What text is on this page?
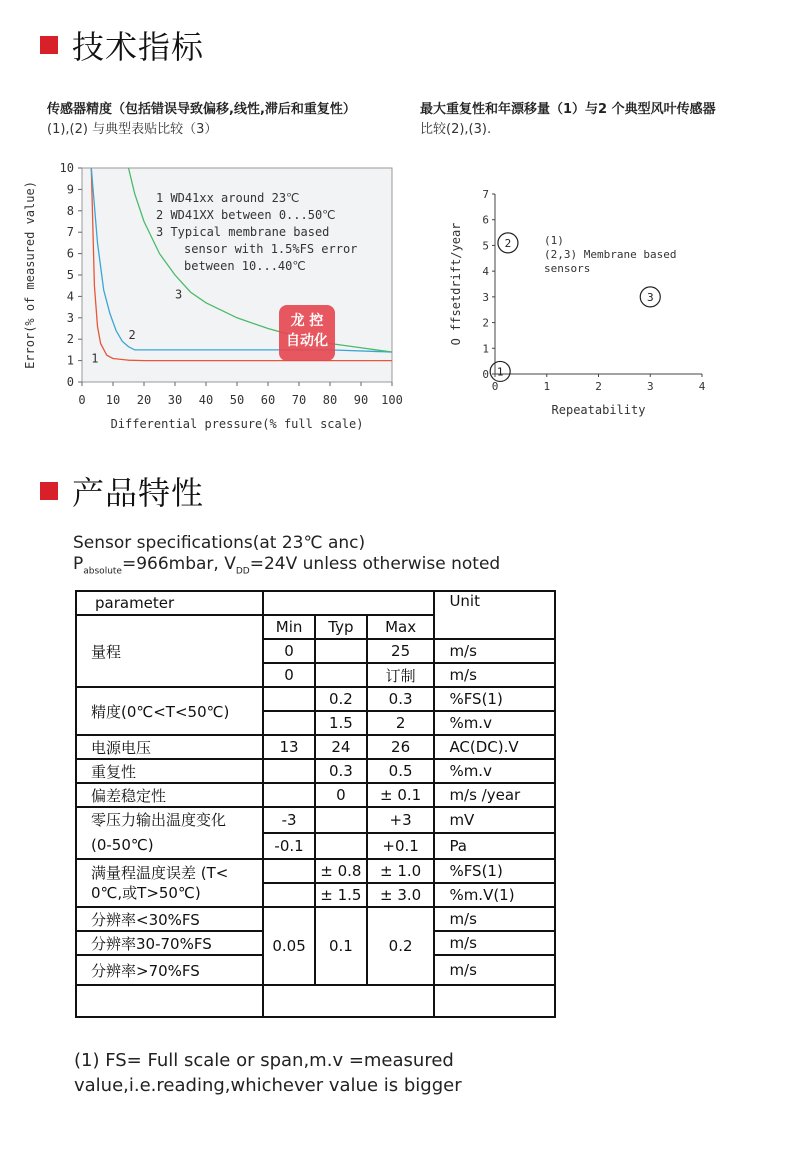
技术指标
传感器精度（包括错误导致偏移,线性,滞后和重复性）
(1),(2) 与典型表贴比较（3）
最大重复性和年漂移量（1）与2 个典型风叶传感器
比较(2),(3).
0
1
2
3
4
5
6
7
8
9
10
0 10 20 30 40 50 60 70 80 90 100
Differential pressure(% full scale)
Error(% of measured value)	1
2
3
1 WD41xx around 23℃
2 WD41XX between 0...50℃
3 Typical membrane based
sensor with 1.5%FS error
between 10...40℃
龙 控
自动化
0
1
2
3
4
5
6
7
0	1	2	3	4
Repeatability
O ffsetdrift/year
1
2
3
(1)
(2,3) Membrane based
sensors
产品特性
Sensor specifications(at 23℃ anc)
$P_{absolute}=966mbar$, $V_{DD}=24V$ unless otherwise noted
parameter				Unit
量程	Min	Typ	Max	
	0		25	m/s
	0		订制	m/s
精度(0℃<T<50℃)		0.2	0.3	%FS(1)
		1.5	2	%m.v
电源电压	13	24	26	AC(DC).V
重复性		0.3	0.5	%m.v
偏差稳定性		0	± 0.1	m/s /year

零压力输出温度变化
(0-50℃)	-3		+3	mV
	-0.1		+0.1	Pa

满量程温度误差 (T<
0℃,或T>50℃)		± 0.8	± 1.0	%FS(1)
		± 1.5	± 3.0	%m.V(1)
分辨率<30%FS	0.05	0.1	0.2	m/s
分辨率30-70%FS				m/s
分辨率>70%FS				m/s

(1) FS= Full scale or span,m.v =measured
value,i.e.reading,whichever value is bigger
